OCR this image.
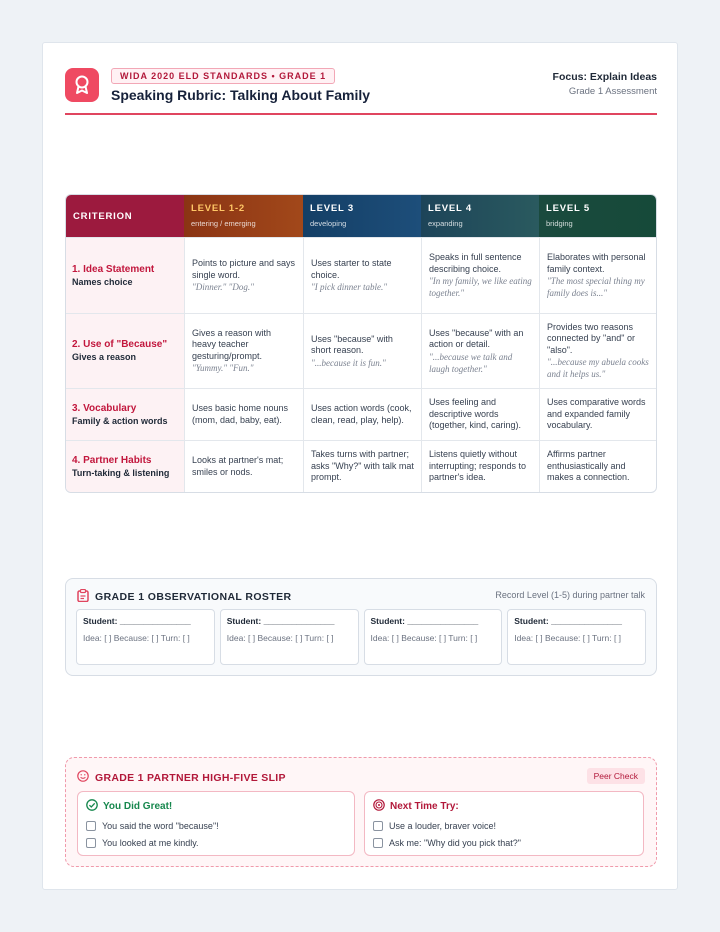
WIDA 2020 ELD STANDARDS • GRADE 1
Speaking Rubric: Talking About Family
Focus: Explain Ideas
Grade 1 Assessment
CRITERION
LEVEL 1-2
entering / emerging
LEVEL 3
developing
LEVEL 4
expanding
LEVEL 5
bridging
1. Idea Statement
Names choice
Points to picture and says single word.
"Dinner." "Dog."
Uses starter to state choice.
"I pick dinner table."
Speaks in full sentence describing choice.
"In my family, we like eating together."
Elaborates with personal family context.
"The most special thing my family does is..."
2. Use of "Because"
Gives a reason
Gives a reason with heavy teacher gesturing/prompt.
"Yummy." "Fun."
Uses "because" with short reason.
"...because it is fun."
Uses "because" with an action or detail.
"...because we talk and laugh together."
Provides two reasons connected by "and" or "also".
"...because my abuela cooks and it helps us."
3. Vocabulary
Family & action words
Uses basic home nouns (mom, dad, baby, eat).
Uses action words (cook, clean, read, play, help).
Uses feeling and descriptive words (together, kind, caring).
Uses comparative words and expanded family vocabulary.
4. Partner Habits
Turn-taking & listening
Looks at partner's mat; smiles or nods.
Takes turns with partner; asks "Why?" with talk mat prompt.
Listens quietly without interrupting; responds to partner's idea.
Affirms partner enthusiastically and makes a connection.
GRADE 1 OBSERVATIONAL ROSTER	Record Level (1-5) during partner talk
Student: _______________
Idea: [ ] Because: [ ] Turn: [ ]
Student: _______________
Idea: [ ] Because: [ ] Turn: [ ]
Student: _______________
Idea: [ ] Because: [ ] Turn: [ ]
Student: _______________
Idea: [ ] Because: [ ] Turn: [ ]
GRADE 1 PARTNER HIGH-FIVE SLIP	Peer Check
You Did Great!
You said the word "because"!
You looked at me kindly.
Next Time Try:
Use a louder, braver voice!
Ask me: "Why did you pick that?"
